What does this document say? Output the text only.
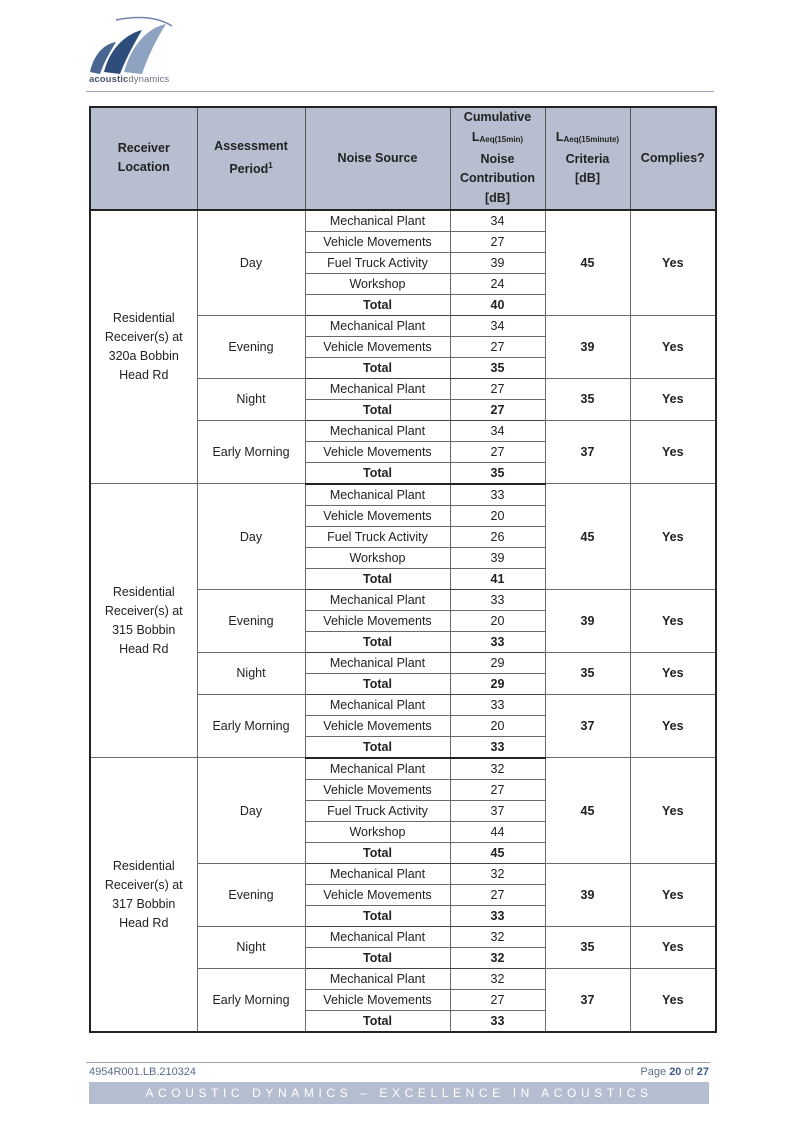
acousticdynamics
Receiver
Location	Assessment
Period$^1$	Noise Source	Cumulative
LAeq(15min)
Noise
Contribution
[dB]	LAeq(15minute)
Criteria
[dB]	Complies?
Residential
Receiver(s) at
320a Bobbin
Head Rd	Day	Mechanical Plant	34	45	Yes
		Vehicle Movements	27		
		Fuel Truck Activity	39		
		Workshop	24		
		Total	40		
	Evening	Mechanical Plant	34	39	Yes
		Vehicle Movements	27		
		Total	35		
	Night	Mechanical Plant	27	35	Yes
		Total	27		
	Early Morning	Mechanical Plant	34	37	Yes
		Vehicle Movements	27		
		Total	35		
Residential
Receiver(s) at
315 Bobbin
Head Rd	Day	Mechanical Plant	33	45	Yes
		Vehicle Movements	20		
		Fuel Truck Activity	26		
		Workshop	39		
		Total	41		
	Evening	Mechanical Plant	33	39	Yes
		Vehicle Movements	20		
		Total	33		
	Night	Mechanical Plant	29	35	Yes
		Total	29		
	Early Morning	Mechanical Plant	33	37	Yes
		Vehicle Movements	20		
		Total	33		
Residential
Receiver(s) at
317 Bobbin
Head Rd	Day	Mechanical Plant	32	45	Yes
		Vehicle Movements	27		
		Fuel Truck Activity	37		
		Workshop	44		
		Total	45		
	Evening	Mechanical Plant	32	39	Yes
		Vehicle Movements	27		
		Total	33		
	Night	Mechanical Plant	32	35	Yes
		Total	32		
	Early Morning	Mechanical Plant	32	37	Yes
		Vehicle Movements	27		
		Total	33		
4954R001.LB.210324	Page 20 of 27
ACOUSTIC DYNAMICS – EXCELLENCE IN ACOUSTICS
